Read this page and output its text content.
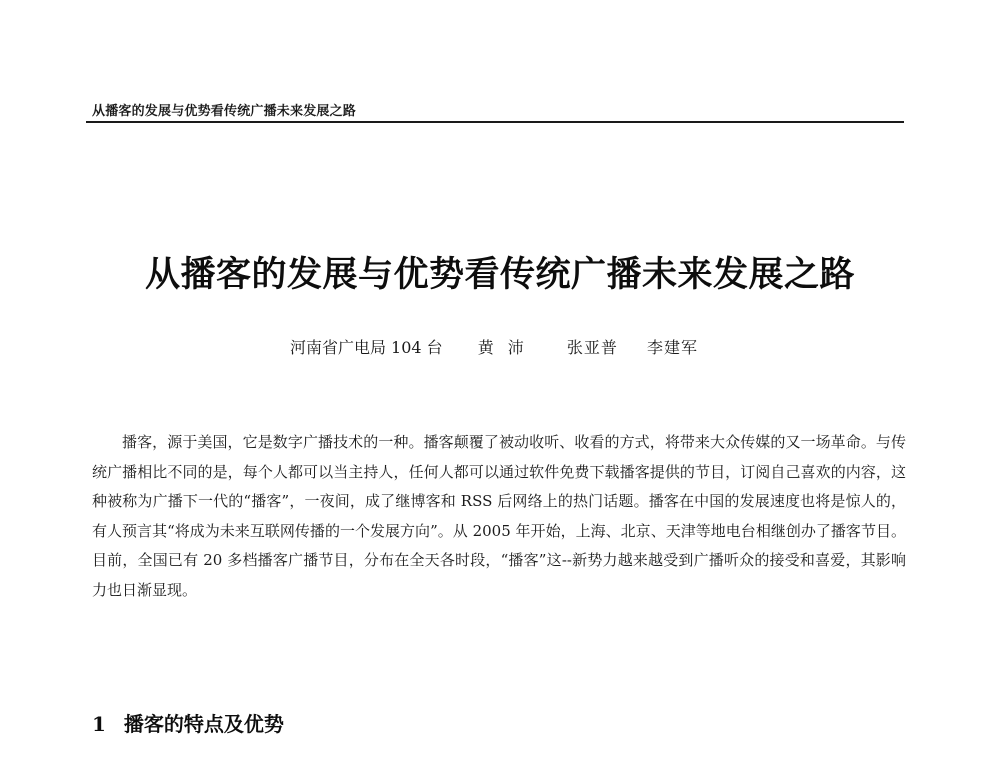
从播客的发展与优势看传统广播未来发展之路
从播客的发展与优势看传统广播未来发展之路
河南省广电局 104 台 黄沛 张亚普 李建军

播客，源于美国，它是数字广播技术的一种。播客颠覆了被动收听、收看的方式，将带来大众传媒的又一场革命。与传统广播相比不同的是，每个人都可以当主持人，任何人都可以通过软件免费下载播客提供的节目，订阅自己喜欢的内容，这种被称为广播下一代的“播客”，一夜间，成了继博客和 RSS 后网络上的热门话题。播客在中国的发展速度也将是惊人的，有人预言其“将成为未来互联网传播的一个发展方向”。从 2005 年开始，上海、北京、天津等地电台相继创办了播客节目。目前，全国已有 20 多档播客广播节目，分布在全天各时段，“播客”这--新势力越来越受到广播听众的接受和喜爱，其影响力也日渐显现。

1 播客的特点及优势
